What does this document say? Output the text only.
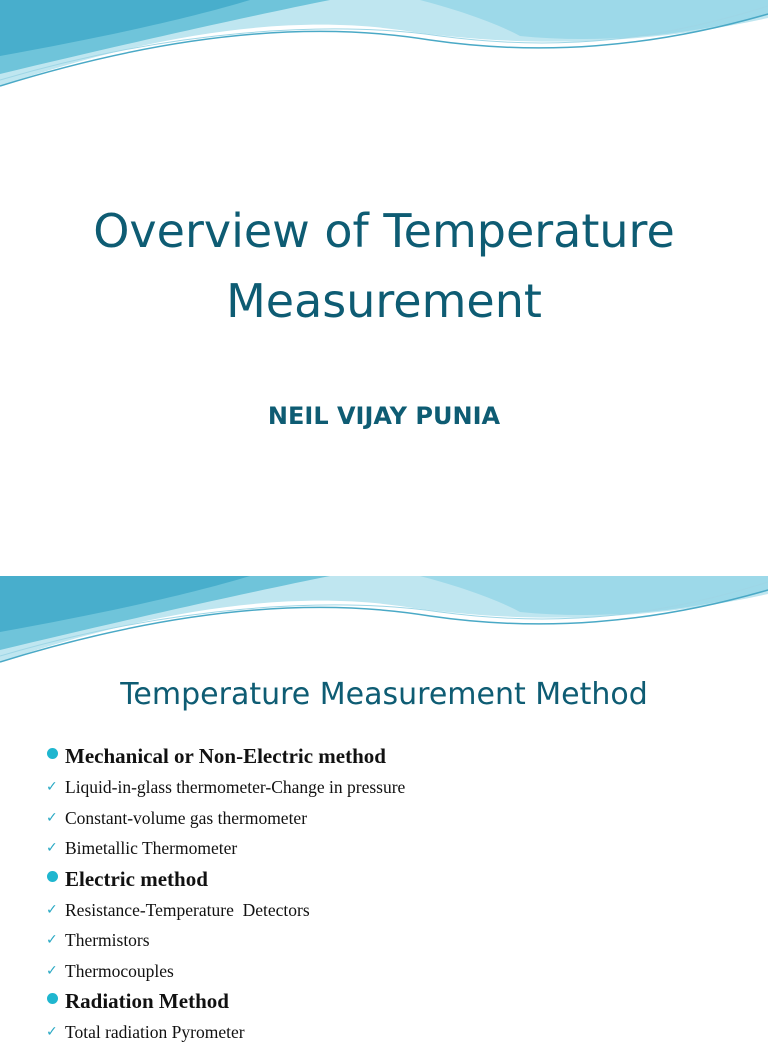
Overview of Temperature
Measurement
NEIL VIJAY PUNIA
Temperature Measurement Method
Mechanical or Non-Electric method
✓ Liquid-in-glass thermometer-Change in pressure
✓ Constant-volume gas thermometer
✓ Bimetallic Thermometer
Electric method
✓ Resistance-Temperature  Detectors
✓ Thermistors
✓ Thermocouples
Radiation Method
✓ Total radiation Pyrometer
